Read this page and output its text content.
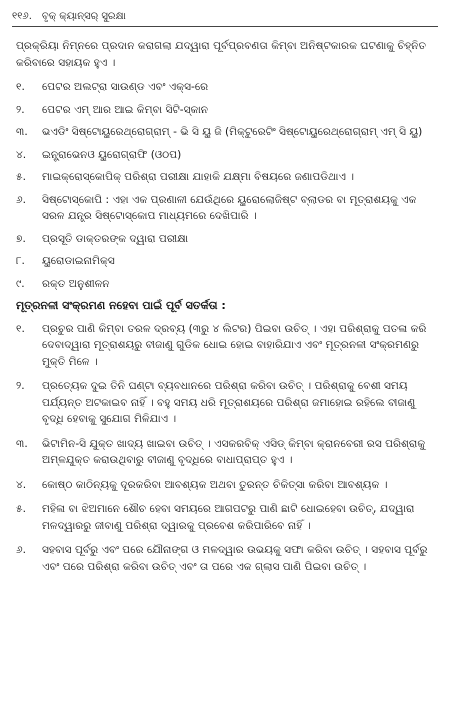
୧୧୬. ବୃକ୍ କ୍ୟାନ୍ସର୍ ସୁରକ୍ଷା

ପ୍ରକ୍ରିୟା ନିମ୍ନରେ ପ୍ରଦାନ କରାଗଲା ଯଦ୍ୱାରା ପୂର୍ବପ୍ରବଣତା କିମ୍ବା ଅନିଷ୍ଟକାରକ ଘଟଣାକୁ ଚିହ୍ନିତ କରିବାରେ ସହାୟକ ହୁଏ ।

୧.	ପେଟର ଅଲଟ୍ରା ସାଉଣ୍ଡ ଏବଂ ଏକ୍ସ-ରେ
୨.	ପେଟର ଏମ୍ ଆର ଆଇ କିମ୍ବା ସିଟି-ସ୍କାନ
୩.	ଭଏଡିଂ ସିଷ୍ଟୋୟୁରେଥ୍ରୋଗ୍ରାମ୍ - ଭି ସି ୟୁ ଜି (ମିକ୍ଟୁରେଟିଂ ସିଷ୍ଟୋୟୁରେଥ୍ରୋଗ୍ରାମ୍ ଏମ୍ ସି ୟୁ)
୪.	ଇନ୍ଟ୍ରାଭେନଓ ୟୁରୋଗ୍ରାଫି (ଓଠପ)
୫.	ମାଇକ୍ରୋସ୍କୋପିକ୍ ପରିଶ୍ରା ପରୀକ୍ଷା ଯାହାକି ଯକ୍ଷ୍ମା ବିଷୟରେ ଜଣାପଡିଥାଏ ।
୬.	ସିଷ୍ଟୋସ୍କୋପି : ଏହା ଏକ ପ୍ରଣାଳୀ ଯେଉଁଥିରେ ୟୁରୋଲୋଜିଷ୍ଟ ବ୍ଲାଡର ବା ମୂତ୍ରାଶୟକୁ ଏକ ସରଳ ଯନ୍ତ୍ର ସିଷ୍ଟୋସ୍କୋପ ମାଧ୍ୟମରେ ଦେଖିପାରି ।
୭.	ପ୍ରସୂତି ଡାକ୍ତରଙ୍କ ଦ୍ୱାରା ପରୀକ୍ଷା
୮.	ୟୁରୋଡାଇନାମିକ୍ସ
୯.	ରକ୍ତ ଅନୁଶୀଳନ
ମୂତ୍ରନଳୀ ସଂକ୍ରମଣ ନହେବା ପାଇଁ ପୂର୍ବ ସତର୍କତା :
୧.	ପ୍ରଚୁର ପାଣି କିମ୍ବା ତରଳ ଦ୍ରବ୍ୟ (୩ରୁ ୪ ଲିଟର) ପିଇବା ଉଚିତ୍ । ଏହା ପରିଶ୍ରାକୁ ପତଳା କରି ଦେବାଦ୍ୱାରା ମୂତ୍ରାଶୟରୁ ବୀଜାଣୁ ଗୁଡିକ ଧୋଇ ହୋଇ ବାହାରିଯାଏ ଏବଂ ମୂତ୍ରନଳୀ ସଂକ୍ରମଣରୁ ମୁକ୍ତି ମିଳେ ।
୨.	ପ୍ରତ୍ୟେକ ଦୁଇ ତିନି ଘଣ୍ଟା ବ୍ୟବଧାନରେ ପରିଶ୍ରା କରିବା ଉଚିତ୍ । ପରିଶ୍ରାକୁ ବେଶୀ ସମୟ ପର୍ଯ୍ୟନ୍ତ ଅଟକାଇବ ନାହିଁ । ବହୁ ସମୟ ଧରି ମୂତ୍ରାଶୟରେ ପରିଶ୍ରା ଜମାହୋଇ ରହିଲେ ବୀଜାଣୁ ବୃଦ୍ଧି ହେବାକୁ ସୁଯୋଗ ମିଳିଯାଏ ।
୩.	ଭିଟାମିନ-ସି ଯୁକ୍ତ ଖାଦ୍ୟ ଖାଇବା ଉଚିତ୍ । ଏସକରବିକ୍ ଏସିଡ୍ କିମ୍ବା କ୍ରାନବେରୀ ରସ ପରିଶ୍ରାକୁ ଅମ୍ଳଯୁକ୍ତ କରାଉଥିବାରୁ ବୀଜାଣୁ ବୃଦ୍ଧିରେ ବାଧାପ୍ରାପ୍ତ ହୁଏ ।
୪.	କୋଷ୍ଠ କାଠିନ୍ୟକୁ ଦୂରକରିବା ଆବଶ୍ୟକ ଅଥବା ତୁରନ୍ତ ଚିକିତ୍ସା କରିବା ଆବଶ୍ୟକ ।
୫.	ମହିଳା ବା ଝିଅମାନେ ଶୌଚ ହେବା ସମୟରେ ଆଗପଟରୁ ପାଣି ଛାଟି ଧୋଇହେବା ଉଚିତ୍, ଯଦ୍ୱାରା ମଳଦ୍ୱାରରୁ ଜୀବାଣୁ ପରିଶ୍ରା ଦ୍ୱାରକୁ ପ୍ରବେଶ କରିପାରିବେ ନାହିଁ ।
୬.	ସହବାସ ପୂର୍ବରୁ ଏବଂ ପରେ ଯୌନାଙ୍ଗ ଓ ମଳଦ୍ୱାର ଉଭୟକୁ ସଫା କରିବା ଉଚିତ୍ । ସହବାସ ପୂର୍ବରୁ ଏବଂ ପରେ ପରିଶ୍ରା କରିବା ଉଚିତ୍ ଏବଂ ତା ପରେ ଏକ ଗ୍ଲାସ ପାଣି ପିଇବା ଉଚିତ୍ ।
